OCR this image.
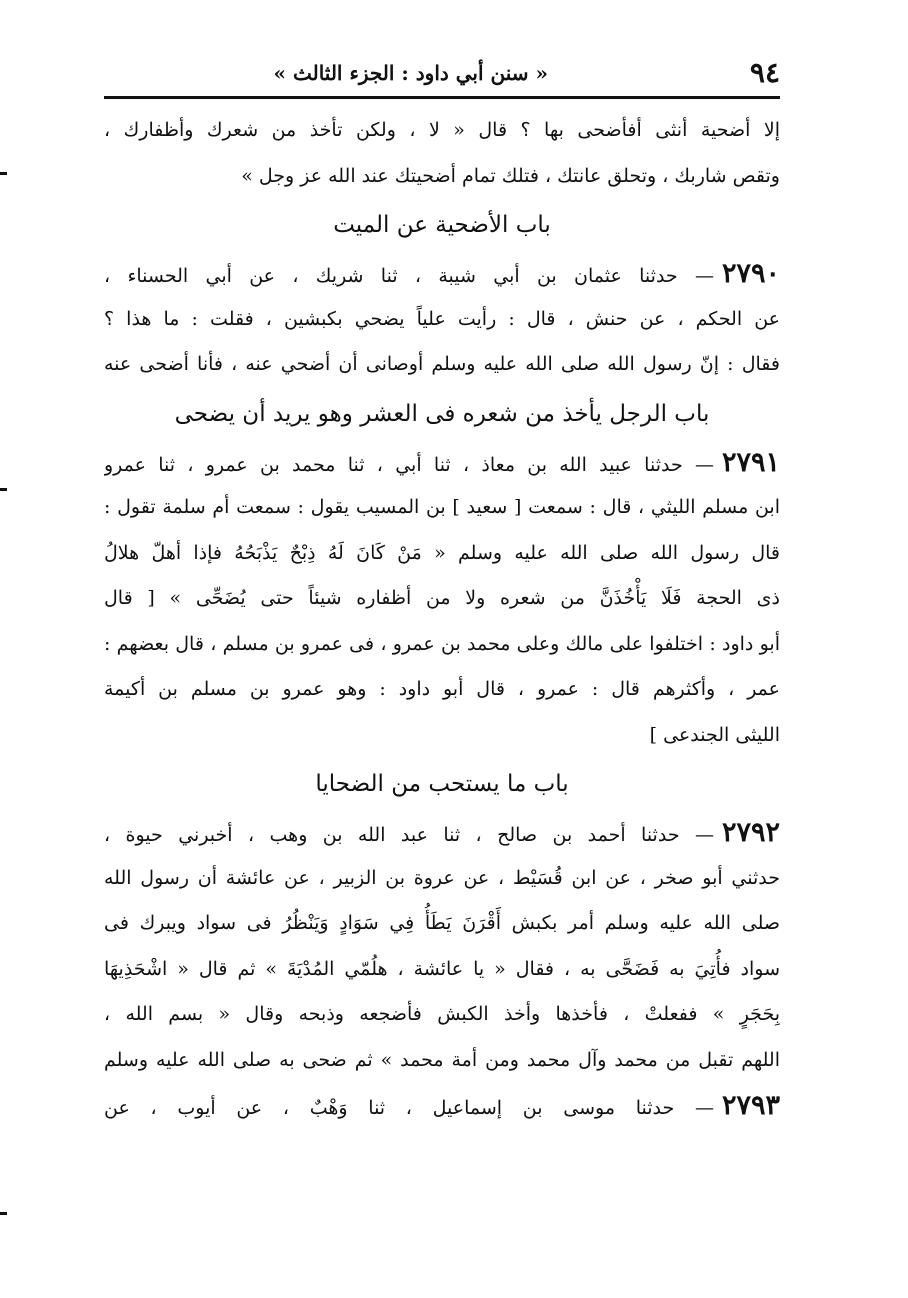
٩٤
« سنن أبي داود : الجزء الثالث »
إلا أضحية أنثى أفأضحى بها ؟ قال « لا ، ولكن تأخذ من شعرك وأظفارك ،
وتقص شاربك ، وتحلق عانتك ، فتلك تمام أضحيتك عند الله عز وجل »
باب الأضحية عن الميت
٢٧٩٠— حدثنا عثمان بن أبي شيبة ، ثنا شريك ، عن أبي الحسناء ،
عن الحكم ، عن حنش ، قال : رأيت علياً يضحي بكبشين ، فقلت : ما هذا ؟
فقال : إنّ رسول الله صلى الله عليه وسلم أوصانى أن أضحي عنه ، فأنا أضحى عنه
باب الرجل يأخذ من شعره فى العشر وهو يريد أن يضحى
٢٧٩١— حدثنا عبيد الله بن معاذ ، ثنا أبي ، ثنا محمد بن عمرو ، ثنا عمرو
ابن مسلم الليثي ، قال : سمعت [ سعيد ] بن المسيب يقول : سمعت أم سلمة تقول :
قال رسول الله صلى الله عليه وسلم « مَنْ كَانَ لَهُ ذِبْحٌ يَذْبَحُهُ فإذا أهلّ هلالُ
ذى الحجة فَلَا يَأْخُذَنَّ من شعره ولا من أظفاره شيئاً حتى يُضَحِّى » [ قال
أبو داود : اختلفوا على مالك وعلى محمد بن عمرو ، فى عمرو بن مسلم ، قال بعضهم :
عمر ، وأكثرهم قال : عمرو ، قال أبو داود : وهو عمرو بن مسلم بن أكيمة
الليثى الجندعى ]
باب ما يستحب من الضحايا
٢٧٩٢— حدثنا أحمد بن صالح ، ثنا عبد الله بن وهب ، أخبرني حيوة ،
حدثني أبو صخر ، عن ابن قُسَيْط ، عن عروة بن الزبير ، عن عائشة أن رسول الله
صلى الله عليه وسلم أمر بكبش أَقْرَنَ يَطَأُ فِي سَوَادٍ وَيَنْظُرُ فى سواد ويبرك فى
سواد فأُتِيَ به فَضَحَّى به ، فقال « يا عائشة ، هلُمّي المُدْيَةَ » ثم قال « اشْحَذِيهَا
بِحَجَرٍ » ففعلتْ ، فأخذها وأخذ الكبش فأضجعه وذبحه وقال « بسم الله ،
اللهم تقبل من محمد وآل محمد ومن أمة محمد » ثم ضحى به صلى الله عليه وسلم
٢٧٩٣— حدثنا موسى بن إسماعيل ، ثنا وَهْبٌ ، عن أيوب ، عن
